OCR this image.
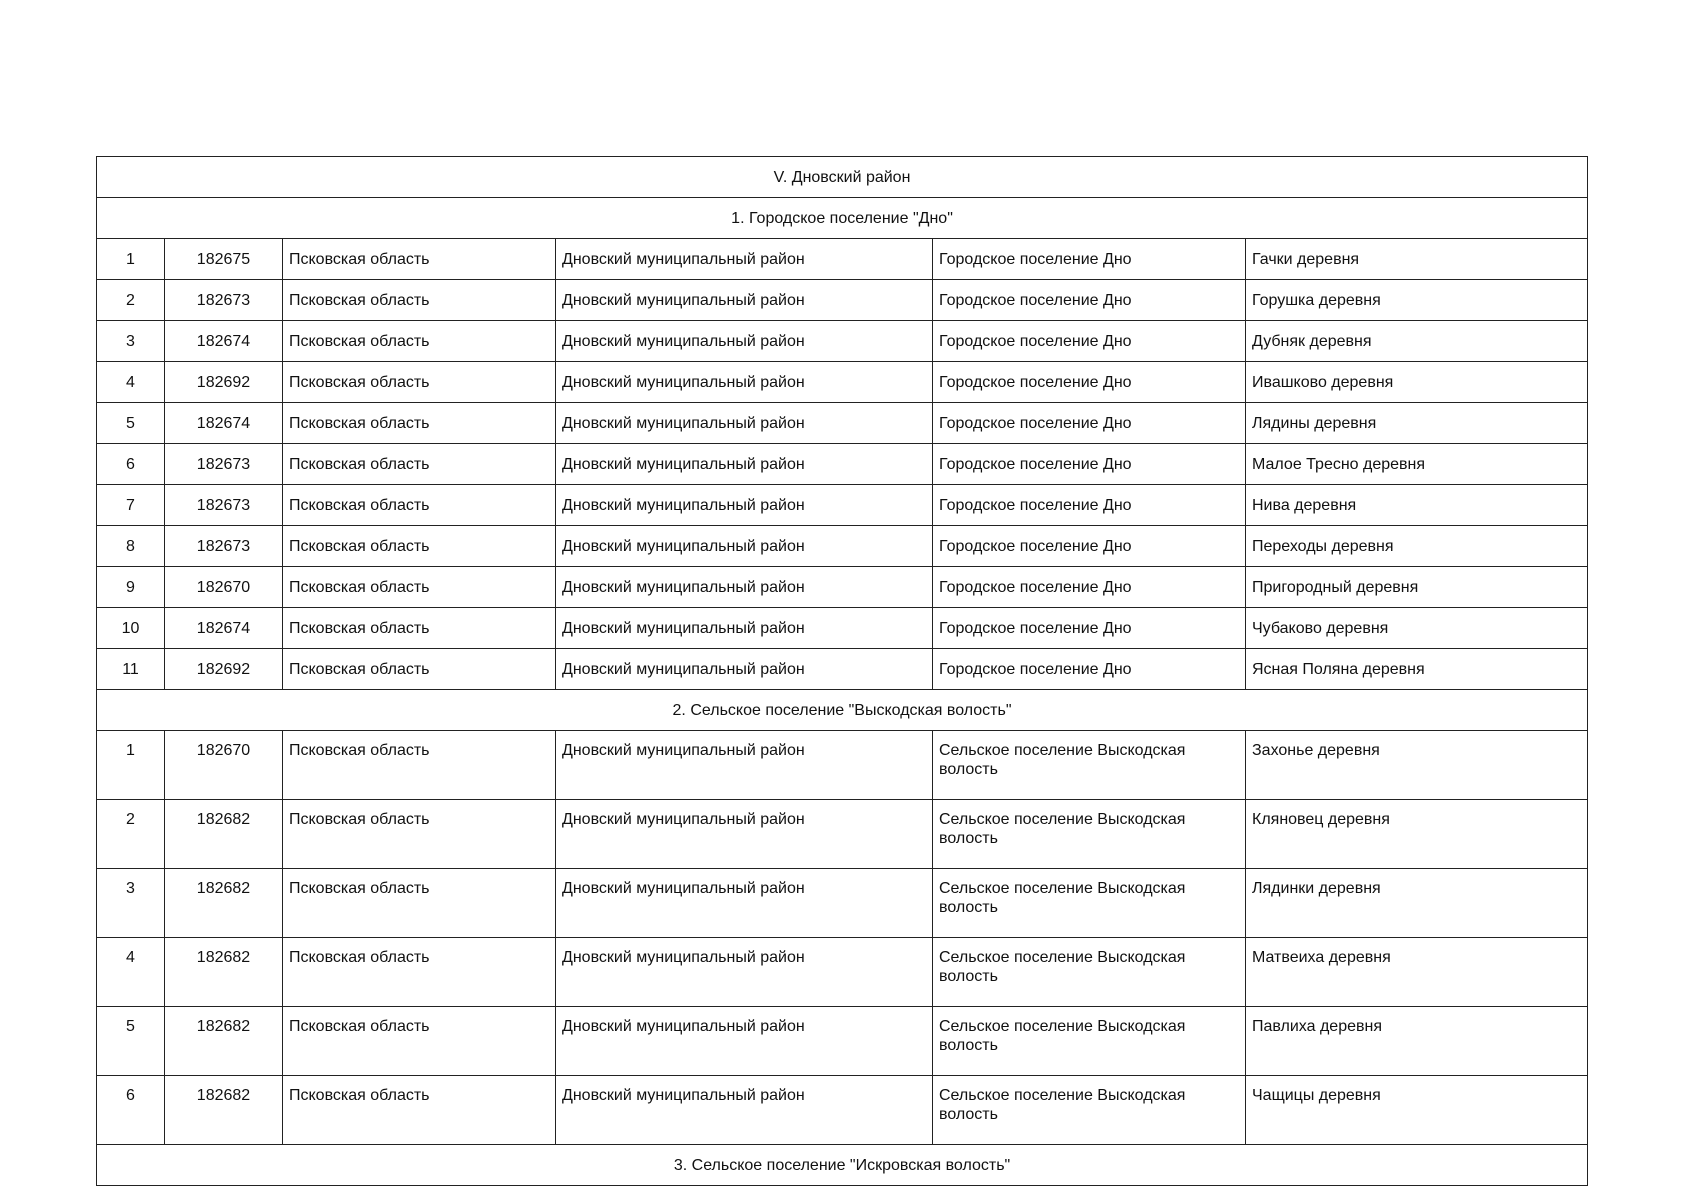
V. Дновский район					
1. Городское поселение "Дно"					
1	182675	Псковская область	Дновский муниципальный район	Городское поселение Дно	Гачки деревня
2	182673	Псковская область	Дновский муниципальный район	Городское поселение Дно	Горушка деревня
3	182674	Псковская область	Дновский муниципальный район	Городское поселение Дно	Дубняк деревня
4	182692	Псковская область	Дновский муниципальный район	Городское поселение Дно	Ивашково деревня
5	182674	Псковская область	Дновский муниципальный район	Городское поселение Дно	Лядины деревня
6	182673	Псковская область	Дновский муниципальный район	Городское поселение Дно	Малое Тресно деревня
7	182673	Псковская область	Дновский муниципальный район	Городское поселение Дно	Нива деревня
8	182673	Псковская область	Дновский муниципальный район	Городское поселение Дно	Переходы деревня
9	182670	Псковская область	Дновский муниципальный район	Городское поселение Дно	Пригородный деревня
10	182674	Псковская область	Дновский муниципальный район	Городское поселение Дно	Чубаково деревня
11	182692	Псковская область	Дновский муниципальный район	Городское поселение Дно	Ясная Поляна деревня
2. Сельское поселение "Выскодская волость"					
1	182670	Псковская область	Дновский муниципальный район	Сельское поселение Выскодская волость	Захонье деревня
2	182682	Псковская область	Дновский муниципальный район	Сельское поселение Выскодская волость	Кляновец деревня
3	182682	Псковская область	Дновский муниципальный район	Сельское поселение Выскодская волость	Лядинки деревня
4	182682	Псковская область	Дновский муниципальный район	Сельское поселение Выскодская волость	Матвеиха деревня
5	182682	Псковская область	Дновский муниципальный район	Сельское поселение Выскодская волость	Павлиха деревня
6	182682	Псковская область	Дновский муниципальный район	Сельское поселение Выскодская волость	Чащицы деревня
3. Сельское поселение "Искровская волость"					
